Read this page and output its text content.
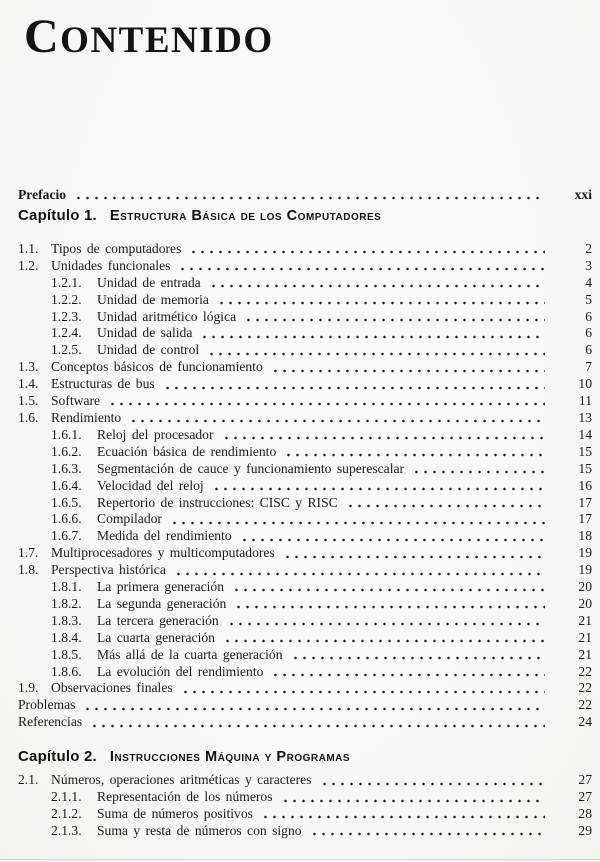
CONTENIDO
Prefacio	xxi
Capítulo 1. Estructura Básica de los Computadores
1.1. Tipos de computadores	2
1.2. Unidades funcionales	3
1.2.1.	Unidad de entrada	4
1.2.2.	Unidad de memoria	5
1.2.3.	Unidad aritmético lógica	6
1.2.4.	Unidad de salida	6
1.2.5.	Unidad de control	6
1.3. Conceptos básicos de funcionamiento	7
1.4. Estructuras de bus	10
1.5. Software	11
1.6. Rendimiento	13
1.6.1.	Reloj del procesador	14
1.6.2.	Ecuación básica de rendimiento	15
1.6.3.	Segmentación de cauce y funcionamiento superescalar	15
1.6.4.	Velocidad del reloj	16
1.6.5.	Repertorio de instrucciones: CISC y RISC	17
1.6.6.	Compilador	17
1.6.7.	Medida del rendimiento	18
1.7. Multiprocesadores y multicomputadores	19
1.8. Perspectiva histórica	19
1.8.1.	La primera generación	20
1.8.2.	La segunda generación	20
1.8.3.	La tercera generación	21
1.8.4.	La cuarta generación	21
1.8.5.	Más allá de la cuarta generación	21
1.8.6.	La evolución del rendimiento	22
1.9. Observaciones finales	22
Problemas	22
Referencias	24
Capítulo 2. Instrucciones Máquina y Programas
2.1. Números, operaciones aritméticas y caracteres	27
2.1.1.	Representación de los números	27
2.1.2.	Suma de números positivos	28
2.1.3.	Suma y resta de números con signo	29
